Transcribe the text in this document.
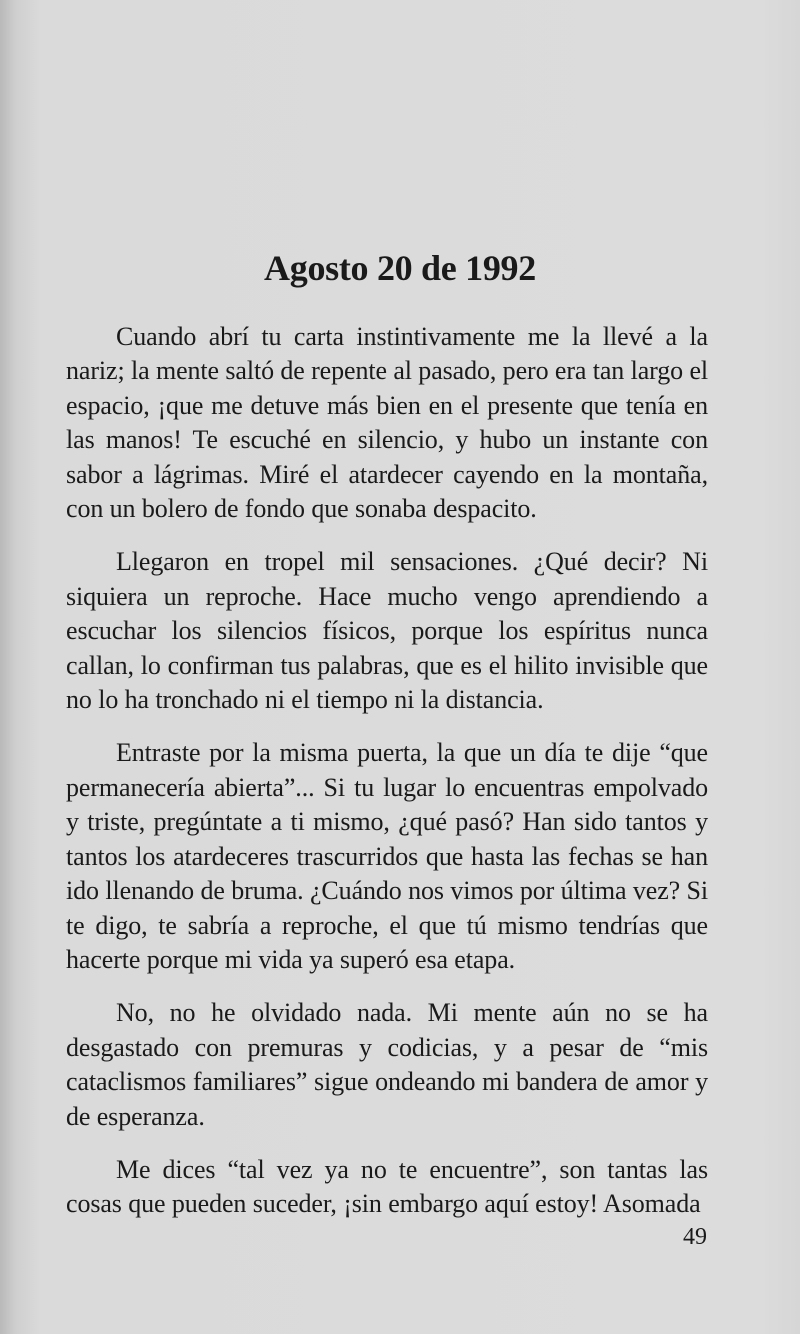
Agosto 20 de 1992

Cuando abrí tu carta instintivamente me la llevé a la nariz; la mente saltó de repente al pasado, pero era tan largo el espacio, ¡que me detuve más bien en el presente que tenía en las manos! Te escuché en silencio, y hubo un instante con sabor a lágrimas. Miré el atardecer cayendo en la montaña, con un bolero de fondo que sonaba despacito.

Llegaron en tropel mil sensaciones. ¿Qué decir? Ni siquiera un reproche. Hace mucho vengo aprendiendo a escuchar los silencios físicos, porque los espíritus nunca callan, lo confirman tus palabras, que es el hilito invisible que no lo ha tronchado ni el tiempo ni la distancia.

Entraste por la misma puerta, la que un día te dije “que permanecería abierta”... Si tu lugar lo encuentras empolvado y triste, pregúntate a ti mismo, ¿qué pasó? Han sido tantos y tantos los atardeceres trascurridos que hasta las fechas se han ido llenando de bruma. ¿Cuándo nos vimos por última vez? Si te digo, te sabría a reproche, el que tú mismo tendrías que hacerte porque mi vida ya superó esa etapa.

No, no he olvidado nada. Mi mente aún no se ha desgastado con premuras y codicias, y a pesar de “mis cataclismos familiares” sigue ondeando mi bandera de amor y de esperanza.

Me dices “tal vez ya no te encuentre”, son tantas las cosas que pueden suceder, ¡sin embargo aquí estoy! Asomada

49
